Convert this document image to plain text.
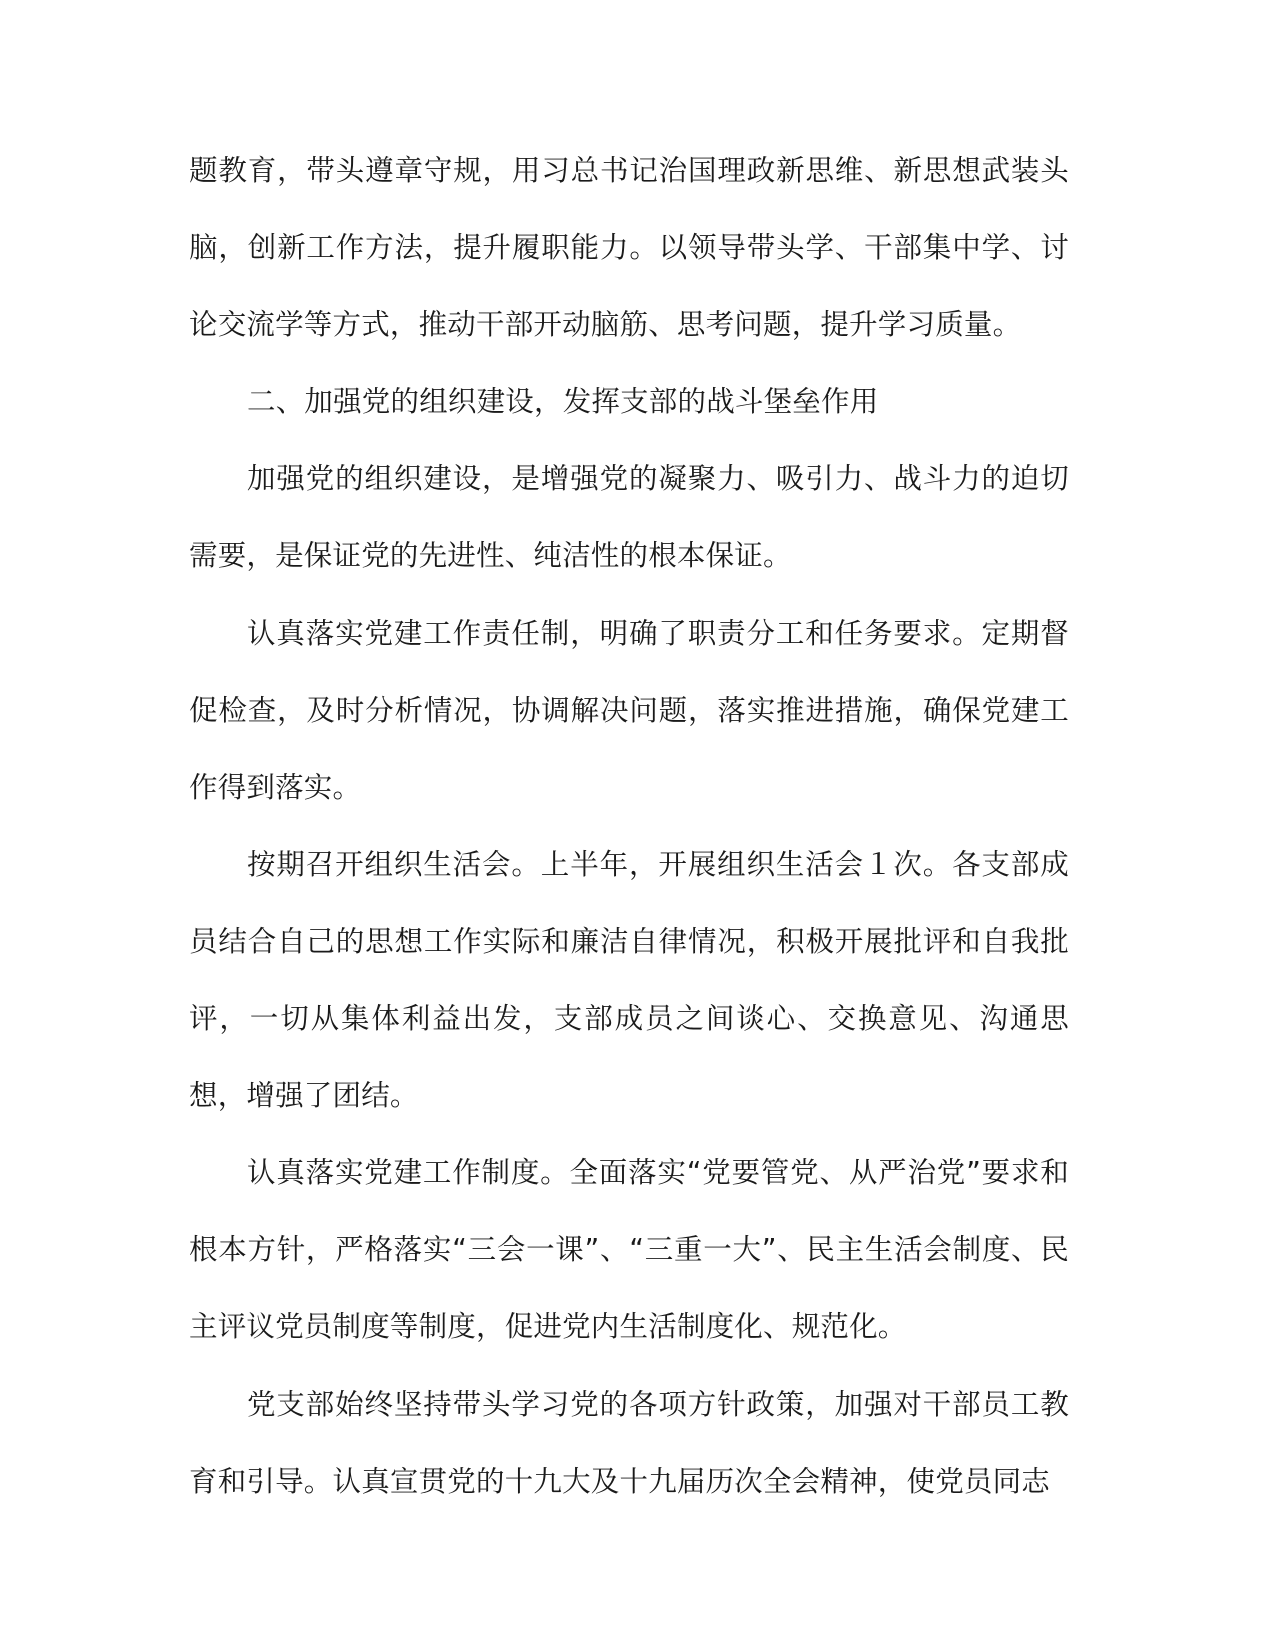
题教育，带头遵章守规，用习总书记治国理政新思维、新思想武装头脑，创新工作方法，提升履职能力。以领导带头学、干部集中学、讨论交流学等方式，推动干部开动脑筋、思考问题，提升学习质量。

二、加强党的组织建设，发挥支部的战斗堡垒作用

加强党的组织建设，是增强党的凝聚力、吸引力、战斗力的迫切需要，是保证党的先进性、纯洁性的根本保证。

认真落实党建工作责任制，明确了职责分工和任务要求。定期督促检查，及时分析情况，协调解决问题，落实推进措施，确保党建工作得到落实。

按期召开组织生活会。上半年，开展组织生活会１次。各支部成员结合自己的思想工作实际和廉洁自律情况，积极开展批评和自我批评，一切从集体利益出发，支部成员之间谈心、交换意见、沟通思想，增强了团结。

认真落实党建工作制度。全面落实“党要管党、从严治党”要求和根本方针，严格落实“三会一课”、“三重一大”、民主生活会制度、民主评议党员制度等制度，促进党内生活制度化、规范化。

党支部始终坚持带头学习党的各项方针政策，加强对干部员工教育和引导。认真宣贯党的十九大及十九届历次全会精神，使党员同志
